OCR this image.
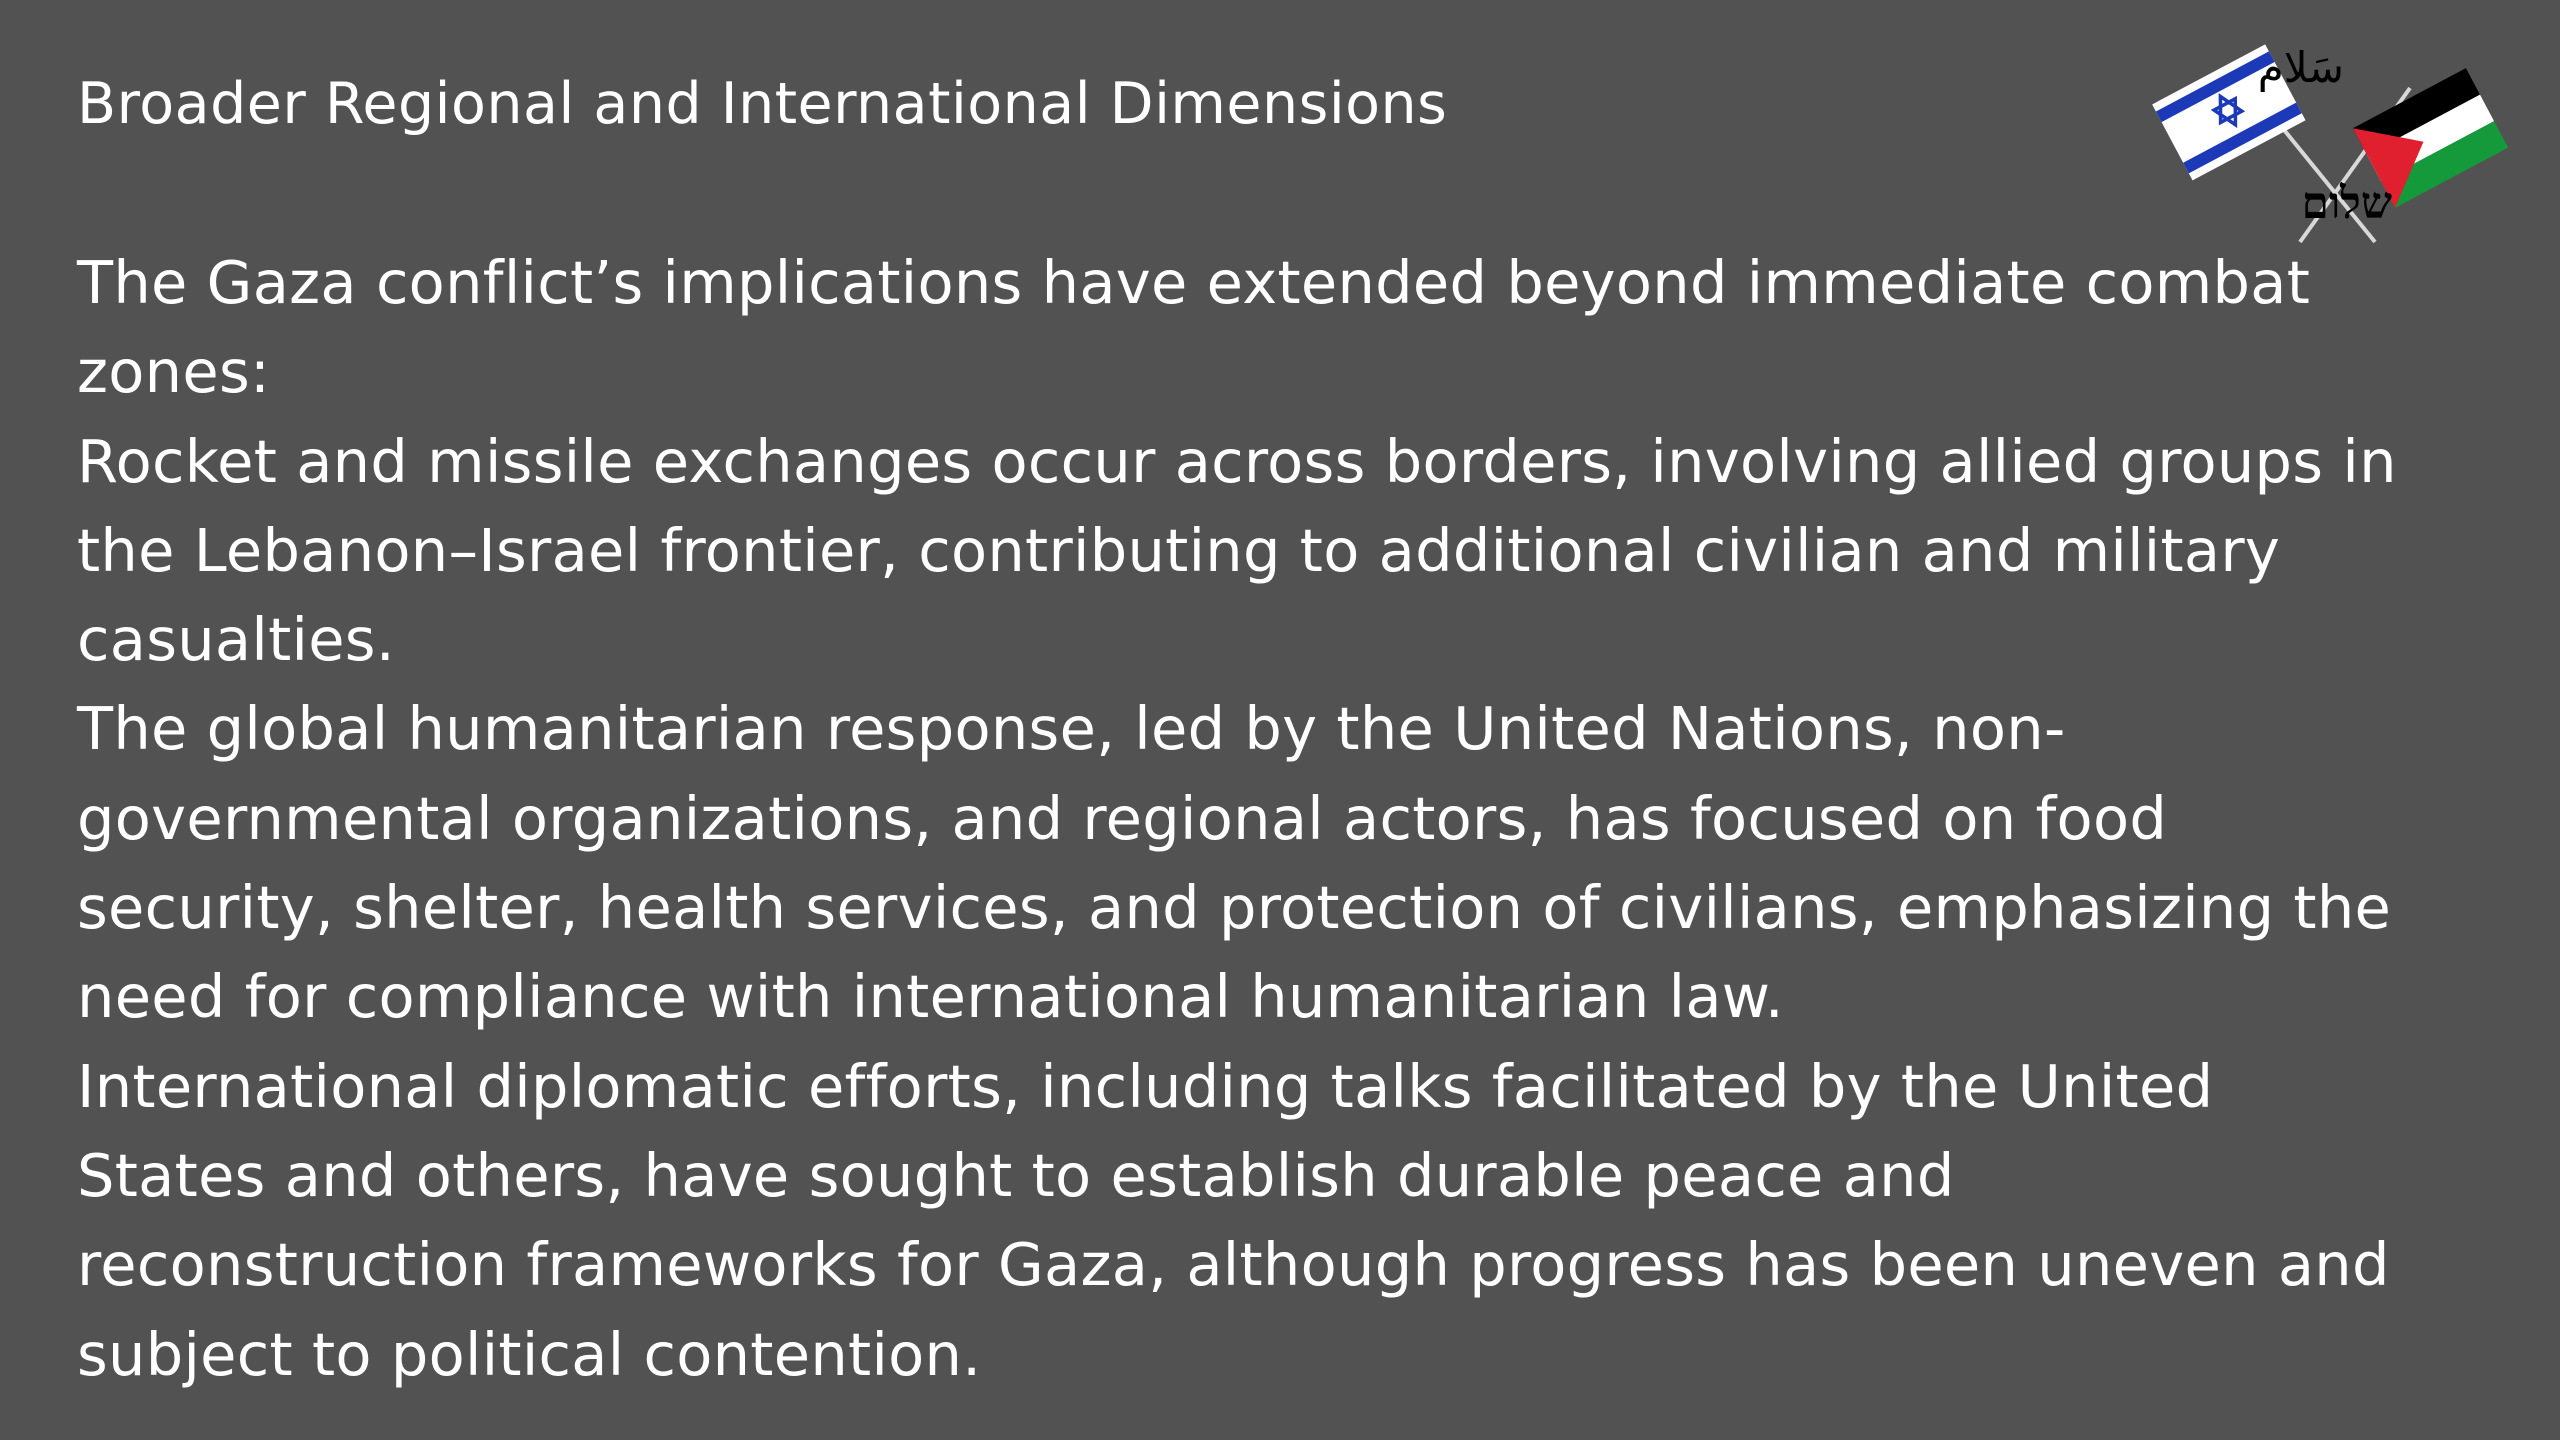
Broader Regional and International Dimensions

The Gaza conflict’s implications have extended beyond immediate combat zones:

Rocket and missile exchanges occur across borders, involving allied groups in the Lebanon–Israel frontier, contributing to additional civilian and military casualties.

The global humanitarian response, led by the United Nations, non-governmental organizations, and regional actors, has focused on food security, shelter, health services, and protection of civilians, emphasizing the need for compliance with international humanitarian law.

International diplomatic efforts, including talks facilitated by the United States and others, have sought to establish durable peace and reconstruction frameworks for Gaza, although progress has been uneven and subject to political contention.

سَلام
שלום
